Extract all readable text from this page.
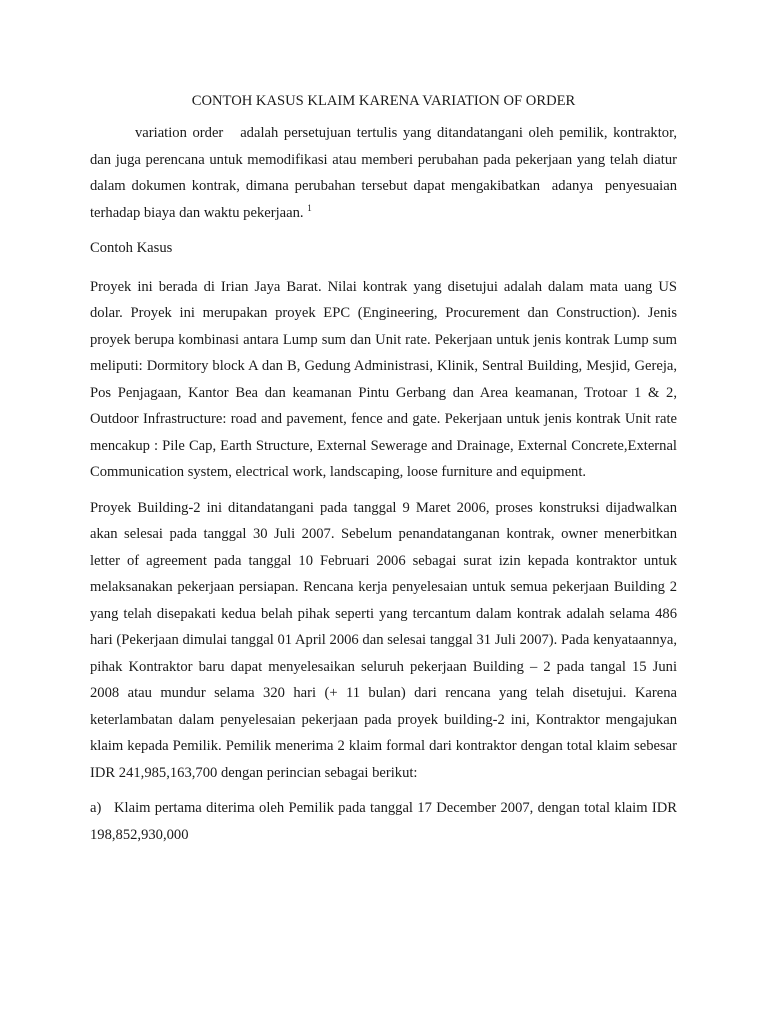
CONTOH KASUS KLAIM KARENA VARIATION OF ORDER

variation order   adalah persetujuan tertulis yang ditandatangani oleh pemilik, kontraktor, dan juga perencana untuk memodifikasi atau memberi perubahan pada pekerjaan yang telah diatur dalam dokumen kontrak, dimana perubahan tersebut dapat mengakibatkan  adanya  penyesuaian terhadap biaya dan waktu pekerjaan. $^1$

Contoh Kasus

Proyek ini berada di Irian Jaya Barat. Nilai kontrak yang disetujui adalah dalam mata uang US dolar. Proyek ini merupakan proyek EPC (Engineering, Procurement dan Construction). Jenis proyek berupa kombinasi antara Lump sum dan Unit rate. Pekerjaan untuk jenis kontrak Lump sum meliputi: Dormitory block A dan B, Gedung Administrasi, Klinik, Sentral Building, Mesjid, Gereja, Pos Penjagaan, Kantor Bea dan keamanan Pintu Gerbang dan Area keamanan, Trotoar 1 & 2, Outdoor Infrastructure: road and pavement, fence and gate. Pekerjaan untuk jenis kontrak Unit rate mencakup : Pile Cap, Earth Structure, External Sewerage and Drainage, External Concrete,External Communication system, electrical work, landscaping, loose furniture and equipment.

Proyek Building-2 ini ditandatangani pada tanggal 9 Maret 2006, proses konstruksi dijadwalkan akan selesai pada tanggal 30 Juli 2007. Sebelum penandatanganan kontrak, owner menerbitkan letter of agreement pada tanggal 10 Februari 2006 sebagai surat izin kepada kontraktor untuk melaksanakan pekerjaan persiapan. Rencana kerja penyelesaian untuk semua pekerjaan Building 2 yang telah disepakati kedua belah pihak seperti yang tercantum dalam kontrak adalah selama 486 hari (Pekerjaan dimulai tanggal 01 April 2006 dan selesai tanggal 31 Juli 2007). Pada kenyataannya, pihak Kontraktor baru dapat menyelesaikan seluruh pekerjaan Building – 2 pada tangal 15 Juni 2008 atau mundur selama 320 hari (+ 11 bulan) dari rencana yang telah disetujui. Karena keterlambatan dalam penyelesaian pekerjaan pada proyek building-2 ini, Kontraktor mengajukan klaim kepada Pemilik. Pemilik menerima 2 klaim formal dari kontraktor dengan total klaim sebesar IDR 241,985,163,700 dengan perincian sebagai berikut:

a) Klaim pertama diterima oleh Pemilik pada tanggal 17 December 2007, dengan total klaim IDR 198,852,930,000
